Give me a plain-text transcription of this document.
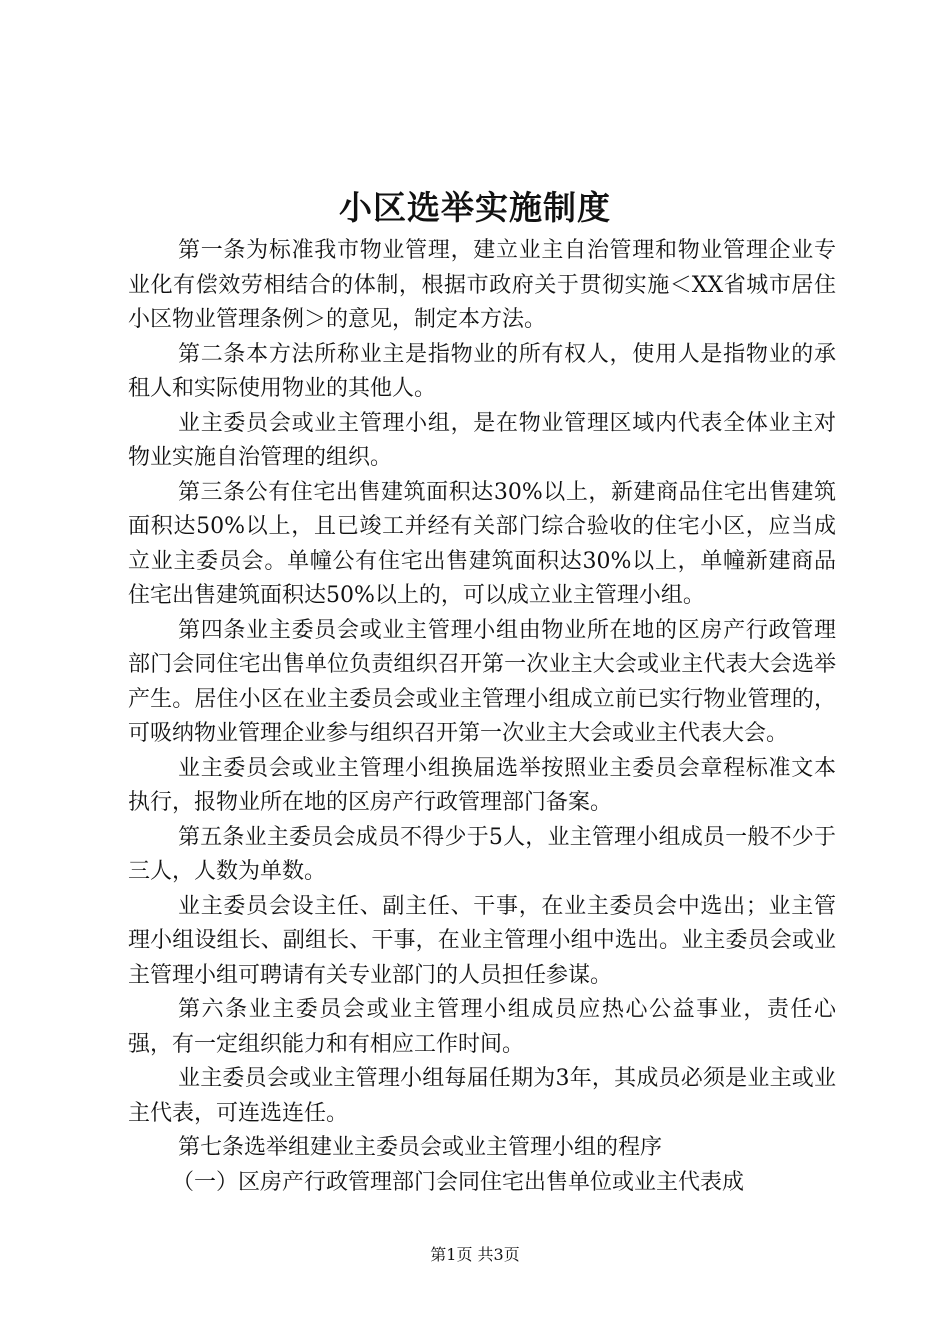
小区选举实施制度

第一条为标准我市物业管理，建立业主自治管理和物业管理企业专业化有偿效劳相结合的体制，根据市政府关于贯彻实施＜XX省城市居住小区物业管理条例＞的意见，制定本方法。

第二条本方法所称业主是指物业的所有权人，使用人是指物业的承租人和实际使用物业的其他人。

业主委员会或业主管理小组，是在物业管理区域内代表全体业主对物业实施自治管理的组织。

第三条公有住宅出售建筑面积达30%以上，新建商品住宅出售建筑面积达50%以上，且已竣工并经有关部门综合验收的住宅小区，应当成立业主委员会。单幢公有住宅出售建筑面积达30%以上，单幢新建商品住宅出售建筑面积达50%以上的，可以成立业主管理小组。

第四条业主委员会或业主管理小组由物业所在地的区房产行政管理部门会同住宅出售单位负责组织召开第一次业主大会或业主代表大会选举产生。居住小区在业主委员会或业主管理小组成立前已实行物业管理的，可吸纳物业管理企业参与组织召开第一次业主大会或业主代表大会。

业主委员会或业主管理小组换届选举按照业主委员会章程标准文本执行，报物业所在地的区房产行政管理部门备案。

第五条业主委员会成员不得少于5人，业主管理小组成员一般不少于三人，人数为单数。

业主委员会设主任、副主任、干事，在业主委员会中选出；业主管理小组设组长、副组长、干事，在业主管理小组中选出。业主委员会或业主管理小组可聘请有关专业部门的人员担任参谋。

第六条业主委员会或业主管理小组成员应热心公益事业，责任心强，有一定组织能力和有相应工作时间。

业主委员会或业主管理小组每届任期为3年，其成员必须是业主或业主代表，可连选连任。

第七条选举组建业主委员会或业主管理小组的程序

（一）区房产行政管理部门会同住宅出售单位或业主代表成

第1页 共3页
